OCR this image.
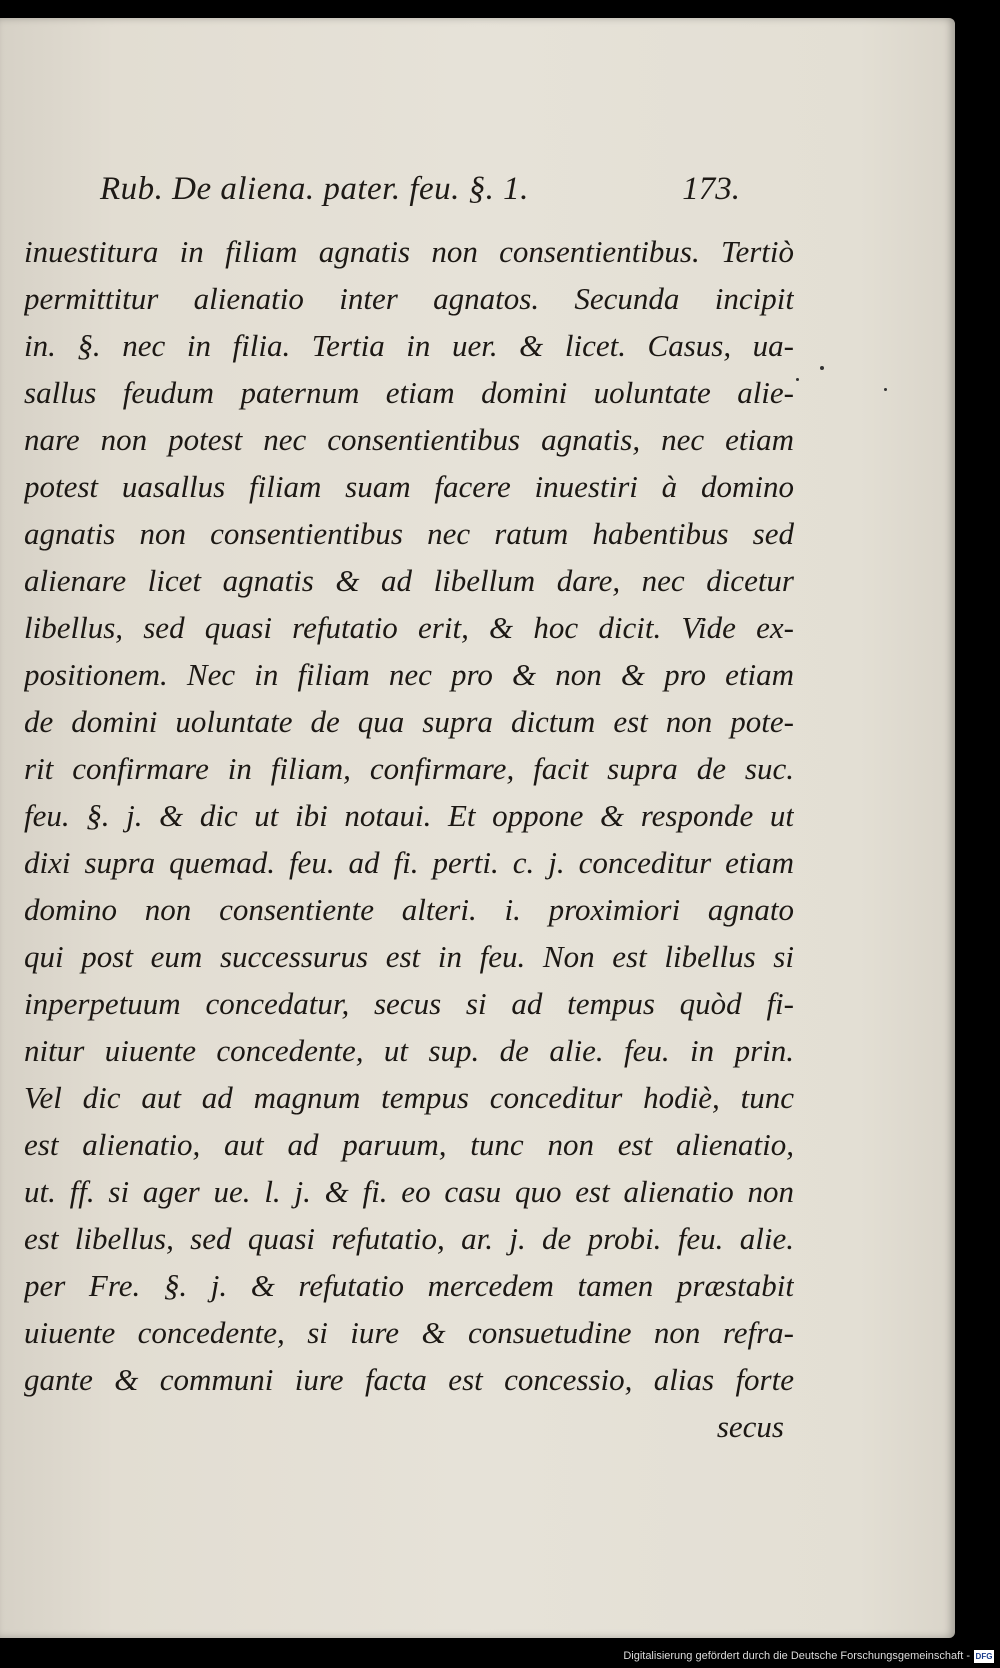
Rub. De aliena. pater. feu. §. 1.	173.
inuestitura in filiam agnatis non consentientibus. Tertiò
permittitur alienatio inter agnatos. Secunda incipit
in. §. nec in filia. Tertia in uer. & licet. Casus, ua-
sallus feudum paternum etiam domini uoluntate alie-
nare non potest nec consentientibus agnatis, nec etiam
potest uasallus filiam suam facere inuestiri à domino
agnatis non consentientibus nec ratum habentibus sed
alienare licet agnatis & ad libellum dare, nec dicetur
libellus, sed quasi refutatio erit, & hoc dicit. Vide ex-
positionem. Nec in filiam nec pro & non & pro etiam
de domini uoluntate de qua supra dictum est non pote-
rit confirmare in filiam, confirmare, facit supra de suc.
feu. §. j. & dic ut ibi notaui. Et oppone & responde ut
dixi supra quemad. feu. ad fi. perti. c. j. conceditur etiam
domino non consentiente alteri. i. proximiori agnato
qui post eum successurus est in feu. Non est libellus si
inperpetuum concedatur, secus si ad tempus quòd fi-
nitur uiuente concedente, ut sup. de alie. feu. in prin.
Vel dic aut ad magnum tempus conceditur hodiè, tunc
est alienatio, aut ad paruum, tunc non est alienatio,
ut. ff. si ager ue. l. j. & fi. eo casu quo est alienatio non
est libellus, sed quasi refutatio, ar. j. de probi. feu. alie.
per Fre. §. j. & refutatio mercedem tamen præstabit
uiuente concedente, si iure & consuetudine non refra-
gante & communi iure facta est concessio, alias forte
secus
Digitalisierung gefördert durch die Deutsche Forschungsgemeinschaft - DFG
